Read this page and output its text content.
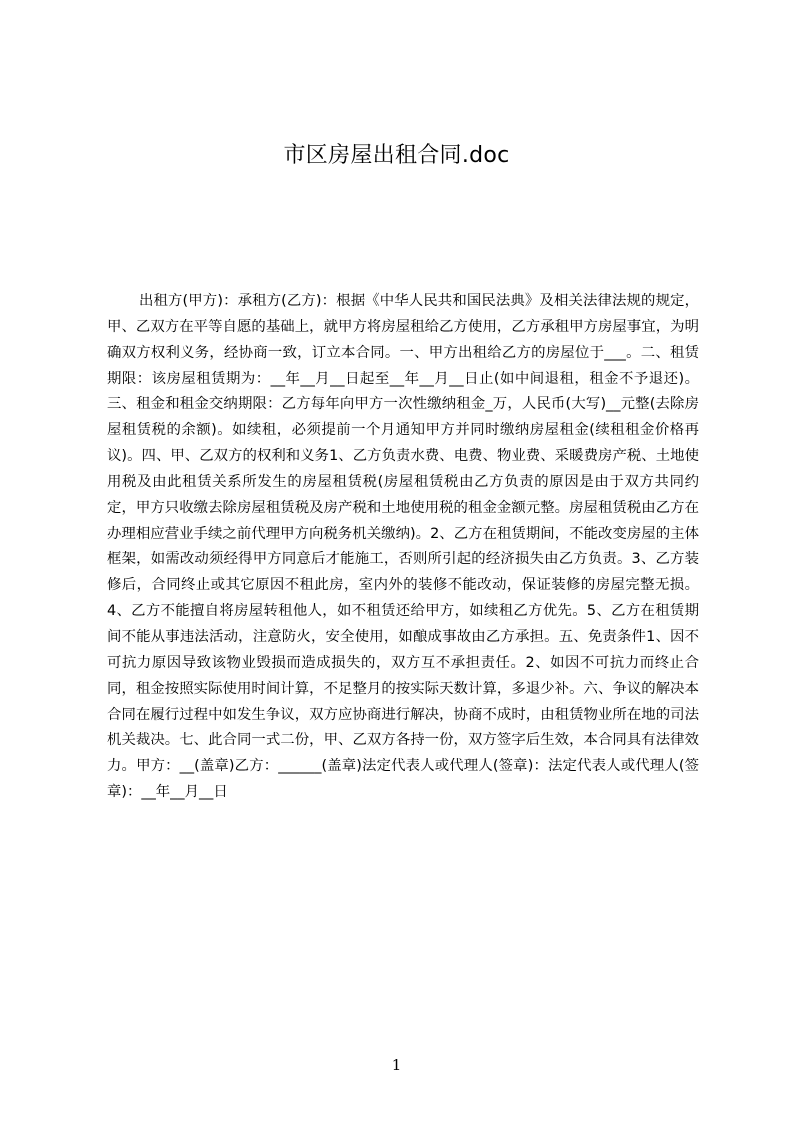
市区房屋出租合同.doc

出租方(甲方)：承租方(乙方)：根据《中华人民共和国民法典》及相关法律法规的规定，甲、乙双方在平等自愿的基础上，就甲方将房屋租给乙方使用，乙方承租甲方房屋事宜，为明确双方权利义务，经协商一致，订立本合同。一、甲方出租给乙方的房屋位于___。二、租赁期限：该房屋租赁期为：__年__月__日起至__年__月__日止(如中间退租，租金不予退还)。三、租金和租金交纳期限：乙方每年向甲方一次性缴纳租金_万，人民币(大写)__元整(去除房屋租赁税的余额)。如续租，必须提前一个月通知甲方并同时缴纳房屋租金(续租租金价格再议)。四、甲、乙双方的权利和义务1、乙方负责水费、电费、物业费、采暖费房产税、土地使用税及由此租赁关系所发生的房屋租赁税(房屋租赁税由乙方负责的原因是由于双方共同约定，甲方只收缴去除房屋租赁税及房产税和土地使用税的租金金额元整。房屋租赁税由乙方在办理相应营业手续之前代理甲方向税务机关缴纳)。2、乙方在租赁期间，不能改变房屋的主体框架，如需改动须经得甲方同意后才能施工，否则所引起的经济损失由乙方负责。3、乙方装修后，合同终止或其它原因不租此房，室内外的装修不能改动，保证装修的房屋完整无损。4、乙方不能擅自将房屋转租他人，如不租赁还给甲方，如续租乙方优先。5、乙方在租赁期间不能从事违法活动，注意防火，安全使用，如酿成事故由乙方承担。五、免责条件1、因不可抗力原因导致该物业毁损而造成损失的，双方互不承担责任。2、如因不可抗力而终止合同，租金按照实际使用时间计算，不足整月的按实际天数计算，多退少补。六、争议的解决本合同在履行过程中如发生争议，双方应协商进行解决，协商不成时，由租赁物业所在地的司法机关裁决。七、此合同一式二份，甲、乙双方各持一份，双方签字后生效，本合同具有法律效力。甲方：__(盖章)乙方：______(盖章)法定代表人或代理人(签章)：法定代表人或代理人(签章)：__年__月__日

1
